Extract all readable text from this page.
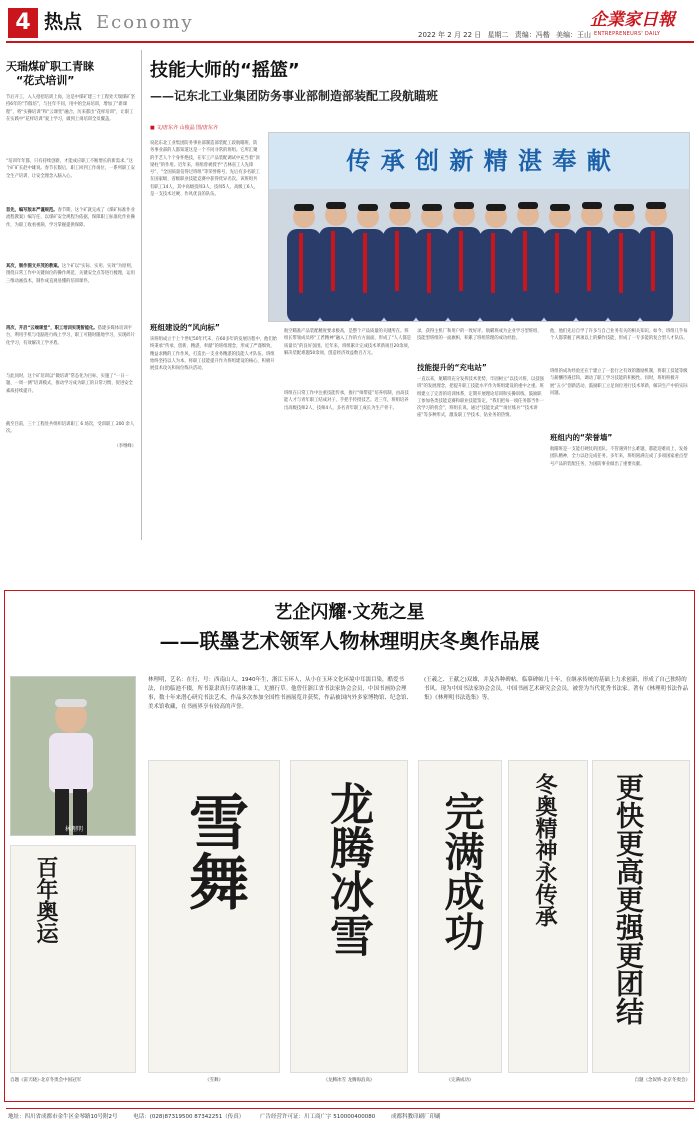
4 热点 Economy
2022 年 2 月 22 日 星期二 责编：冯楷 美编：王山
企業家日報
ENTREPRENEURS' DAILY
天瑞煤矿职工青睐
“花式培训”
节后开工，入人招招培训上岗，这是中煤矿建三十工程处天瑞煤矿坚持6年的“节假培”，与往年不同，用中的全局培训，增加了“新课程”、将“实操培训”和“云课堂”融合，历来都出“花样培训”，让职工在实践中“花样培训”爱上学习，做到上岗培训全员覆盖。
“培训年年都，只有持续创新，才能成应职工不断增长的新需求。”这个矿矿长赵中雄说。春节长假后，职工回到工作岗位，一系列职工安全生产培训，让安全理念入脑入心。
首先，编写版本严谨规范。春节期，这个矿就完成了《煤矿标准作业流程教案》编写任，以煤矿安全规程为依据，保障职工标准化作业操作，为职工收看视频、学习掌握提供保障。
其次，制作图文并茂的教案。这个矿以“实际、实用、实效”为原则，围绕日常工作中关键岗位的操作规范、关键安全点等进行梳理，运用三维动画技术，制作成直观易懂的培训课件。
再次，开启“云端课堂”，职工培训实现智能化。搭建多媒体培训平台，利用手机与电脑进行线上学习，职工可随时随地学习，实现碎片化学习，有效解决工学矛盾。
与此同时，这个矿培训以“微培训”常态化为目标，实施了“一日一题、一周一测”培训模式，推动学习成为职工的日常习惯，促进安全素质持续提升。
截至目前，三十工程处共组织培训职工 6 场次，受训职工 200 余人次。
（李继峰）
技能大师的“摇篮”
——记东北工业集团防务事业部制造部装配工段航瞄班
■ 文/唐东齐 山俊晶 图/唐东齐
说起东北工业集团防务事业部制造部装配工段航瞄班，防务事业部的人都知道这是一个不同寻常的班组。它所汇聚的手艺人个个身怀绝技，在军工产品装配调试中充当着“顶梁柱”的作用。近年来，班组曾被授予“吉林省工人先锋号”、“全国质量信得过班组”等荣誉称号，先后有多名职工在国家级、省级职业技能竞赛中获得优异名次。该班组共有职工14人，其中高级技师3人、技师5人、高级工6人，是一支技术过硬、作风优良的队伍。
传 承 创 新 精 湛 奉 献
班组建设的“风向标”
该班组成立于上个世纪50年代末，在60多年的发展历程中，他们始终秉承“传承、创新、精湛、奉献”的班组理念，形成了严谨细致、精益求精的工作作风，打造出一支业务精湛的技能人才队伍。班组始终坚持以人为本，将职工技能提升作为班组建设的核心，积极开展技术攻关和岗位练兵活动。
航空瞄准产品装配精度要求极高，是整个产品质量的关键所在。班组长带领成员将“工匠精神”融入工作的方方面面，形成了“人人都是质量员”的良好氛围。近年来，班组累计完成技术革新项目20余项，解决装配难题50余项，创造经济效益数百万元。
班组在日常工作中注重技能传承，推行“师带徒”培养机制，由高技能人才与青年职工结成对子，手把手传授技艺。近三年，班组培养出高级技师2人、技师4人，多名青年职工成长为生产骨干。
录，获得主机厂和用户的一致好评。航瞄班成为企业学习型班组、技能型班组的一面旗帜，积累了班组管理的成功经验。
技能提升的“充电站”
一直以来，航瞄班充分发挥技术优势，牢固树立“以技兴班、以技强班”的发展理念，把提升职工技能水平作为班组建设的重中之重。班组建立了完善的培训体系，定期开展理论培训和实操训练，鼓励职工参加各类技能竞赛和职业技能鉴定。“我们把每一项任务都当作一次学习的机会”，班组长说。通过“技能比武”“岗位练兵”“技术讲座”等多种形式，激发职工学技术、钻业务的热情。
他，他们先后自学了许多与自己业务有关的相关知识。如今，班组几乎每个人都掌握了两项以上的操作技能，形成了一专多能的复合型人才队伍。
班组的成功经验还在于建立了一套行之有效的激励机制，将职工技能等级与薪酬待遇挂钩，调动了职工学习技能的积极性。同时，班组积极开展“五小”创新活动，鼓励职工立足岗位进行技术革新，解决生产中的实际问题。
班组内的“荣誉墙”
航瞄班是一支能打硬仗的团队。不管遇到什么难题，都能迎难而上，发扬团队精神，全力以赴完成任务。多年来，班组圆满完成了多项国家重点型号产品的装配任务，为国防事业做出了重要贡献。
艺企闪耀·文苑之星
——联墨艺术领军人物林理明庆冬奥作品展
林理明
林理明，艺名：在行，号：西南山人，1940年生，浙江玉环人，从小在玉环文化环境中耳濡目染，酷爱书法，自幼临池不辍，所书篆隶真行草诸体兼工，尤擅行草。他曾任浙江省书法家协会会员，中国书画协会理事，数十年来潜心研究书法艺术，作品多次参加全国性书画展览并获奖，作品被国内外多家博物馆、纪念馆、美术馆收藏，在书画界享有较高的声誉。
(王羲之、王献之)双雄，并及各种碑帖。临摹碑帖几十年，在继承传统的基础上力求创新，形成了自己独特的书风。现为中国书法家协会会员，中国书画艺术研究会会员，被誉为当代优秀书法家。著有《林理明书法作品集》《林理明书法选集》等。
百年奥运
自题《雷天晓》·北京冬奥会中国冠军
雪舞
《雪舞》
龙腾冰雪
《龙腾冰雪 龙腾海浪高》
完满成功
《完满成功》
冬奥精神永传承 更快更高更强更团结
自题《念奴娇·北京冬奥会》
地址：四川省成都市金牛区金琴路10号附2号	电话：(028)87319500 87342251（传真）	广告经营许可证：川工商广字 510000400080	成都科教印刷厂印刷
